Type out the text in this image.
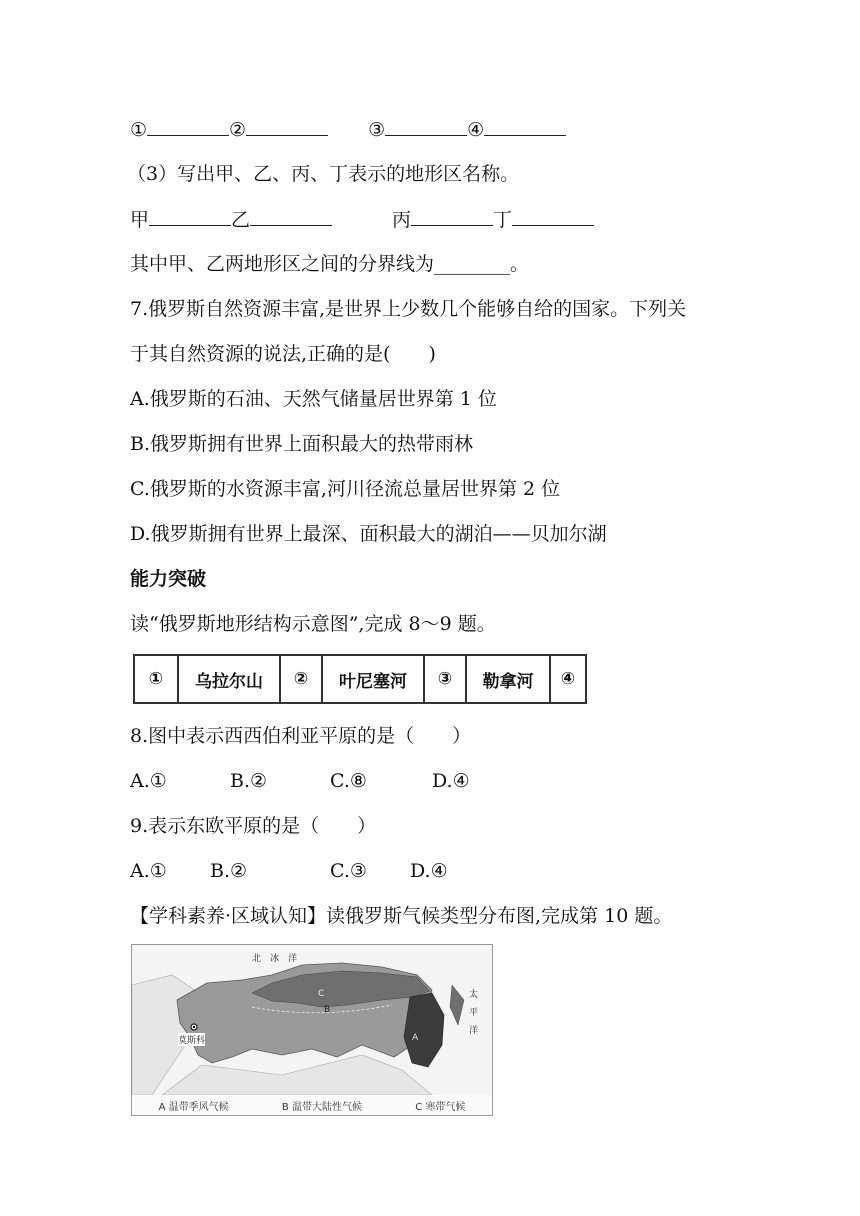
①	②	③	④
（3）写出甲、乙、丙、丁表示的地形区名称。
甲	乙	丙	丁
其中甲、乙两地形区之间的分界线为________。
7.俄罗斯自然资源丰富,是世界上少数几个能够自给的国家。下列关
于其自然资源的说法,正确的是(　　)
A.俄罗斯的石油、天然气储量居世界第 1 位
B.俄罗斯拥有世界上面积最大的热带雨林
C.俄罗斯的水资源丰富,河川径流总量居世界第 2 位
D.俄罗斯拥有世界上最深、面积最大的湖泊——贝加尔湖
能力突破
读“俄罗斯地形结构示意图”,完成 8～9 题。
①	乌拉尔山	②	叶尼塞河	③	勒拿河	④
8.图中表示西西伯利亚平原的是（　　）
A.①	B.②	C.⑧	D.④
9.表示东欧平原的是（　　）
A.① B.②	C.③ D.④
【学科素养·区域认知】读俄罗斯气候类型分布图,完成第 10 题。
北　冰　洋
太　平　洋
莫斯科	A
B
C
A 温带季风气候	B 温带大陆性气候	C 寒带气候
